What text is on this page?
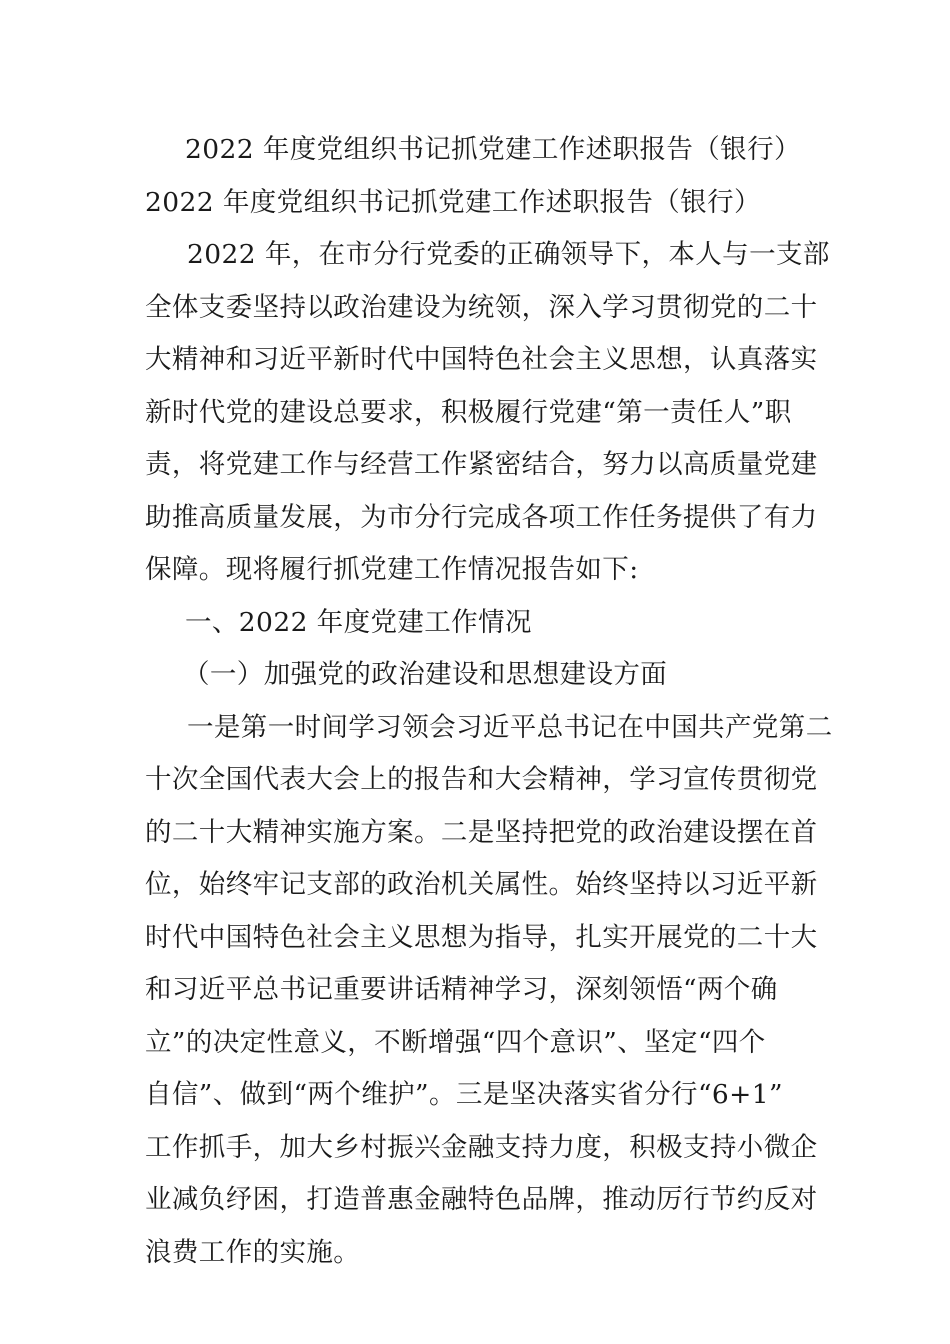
2022 年度党组织书记抓党建工作述职报告（银行）
2022 年度党组织书记抓党建工作述职报告（银行）
2022 年，在市分行党委的正确领导下，本人与一支部
全体支委坚持以政治建设为统领，深入学习贯彻党的二十
大精神和习近平新时代中国特色社会主义思想，认真落实
新时代党的建设总要求，积极履行党建“第一责任人”职
责，将党建工作与经营工作紧密结合，努力以高质量党建
助推高质量发展，为市分行完成各项工作任务提供了有力
保障。现将履行抓党建工作情况报告如下:
一、2022 年度党建工作情况
（一）加强党的政治建设和思想建设方面
一是第一时间学习领会习近平总书记在中国共产党第二
十次全国代表大会上的报告和大会精神，学习宣传贯彻党
的二十大精神实施方案。二是坚持把党的政治建设摆在首
位，始终牢记支部的政治机关属性。始终坚持以习近平新
时代中国特色社会主义思想为指导，扎实开展党的二十大
和习近平总书记重要讲话精神学习，深刻领悟“两个确
立”的决定性意义，不断增强“四个意识”、坚定“四个
自信”、做到“两个维护”。三是坚决落实省分行“6+1”
工作抓手，加大乡村振兴金融支持力度，积极支持小微企
业减负纾困，打造普惠金融特色品牌，推动厉行节约反对
浪费工作的实施。
